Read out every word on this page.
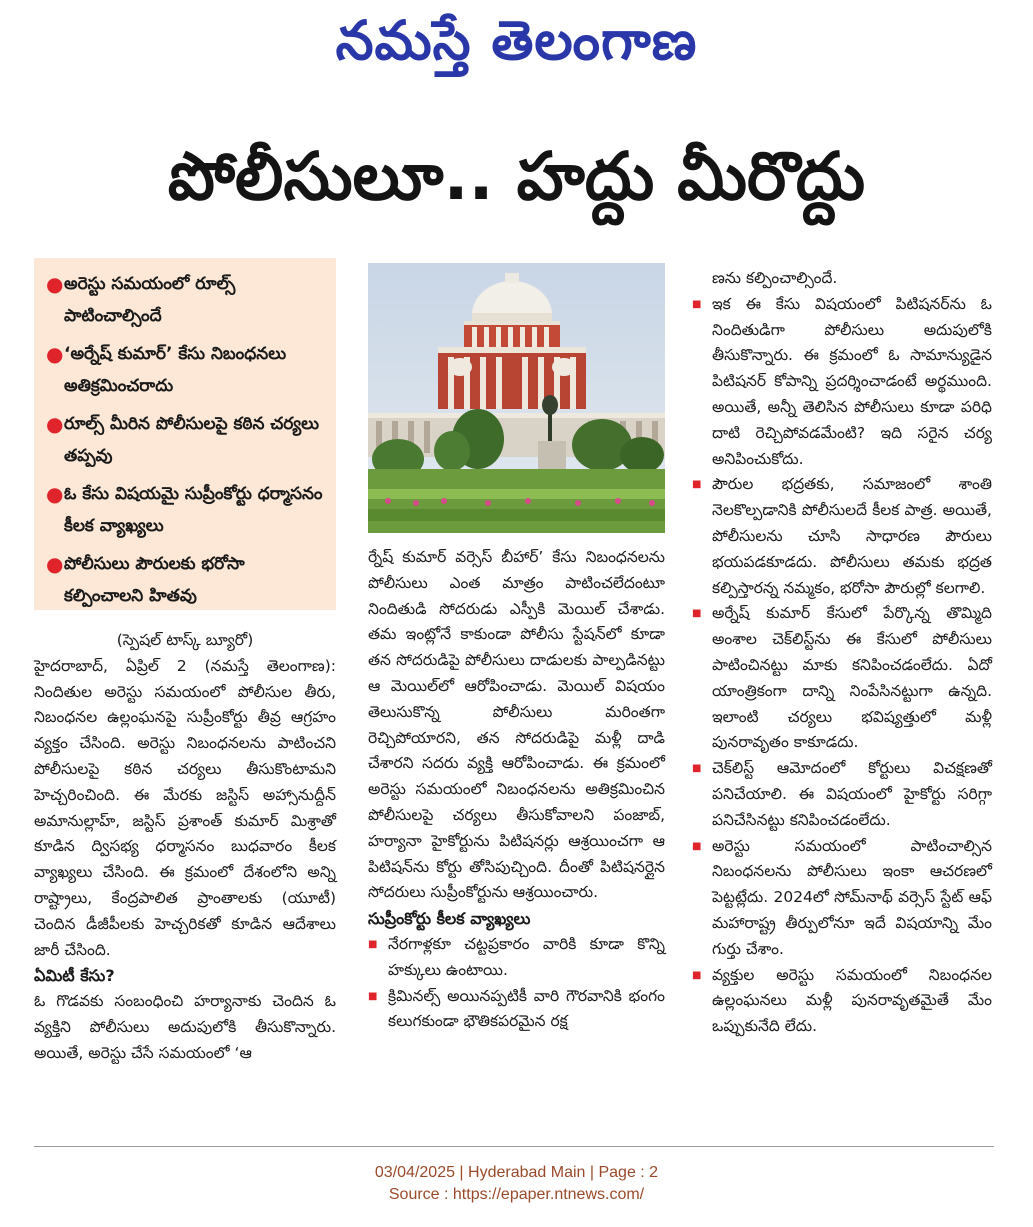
నమస్తే తెలంగాణ
పోలీసులూ.. హద్దు మీరొద్దు
● అరెస్టు సమయంలో రూల్స్ పాటించాల్సిందే
● ‘అర్నేష్ కుమార్’ కేసు నిబంధనలు అతిక్రమించరాదు
● రూల్స్ మీరిన పోలీసులపై కఠిన చర్యలు తప్పవు
● ఓ కేసు విషయమై సుప్రీంకోర్టు ధర్మాసనం కీలక వ్యాఖ్యలు
● పోలీసులు పౌరులకు భరోసా కల్పించాలని హితవు

(స్పెషల్ టాస్క్ బ్యూరో)

హైదరాబాద్, ఏప్రిల్ 2 (నమస్తే తెలంగాణ): నిందితుల అరెస్టు సమయంలో పోలీసుల తీరు, నిబంధనల ఉల్లంఘనపై సుప్రీంకోర్టు తీవ్ర ఆగ్రహం వ్యక్తం చేసింది. అరెస్టు నిబంధనలను పాటించని పోలీసులపై కఠిన చర్యలు తీసుకొంటామని హెచ్చరించింది. ఈ మేరకు జస్టిస్ అహ్సానుద్దీన్ అమానుల్లాహ్, జస్టిస్ ప్రశాంత్ కుమార్ మిశ్రాతో కూడిన ద్విసభ్య ధర్మాసనం బుధవారం కీలక వ్యాఖ్యలు చేసింది. ఈ క్రమంలో దేశంలోని అన్ని రాష్ట్రాలు, కేంద్రపాలిత ప్రాంతాలకు (యూటీ) చెందిన డీజీపీలకు హెచ్చరికతో కూడిన ఆదేశాలు జారీ చేసింది.

ఏమిటీ కేసు?

ఓ గొడవకు సంబంధించి హర్యానాకు చెందిన ఓ వ్యక్తిని పోలీసులు అదుపులోకి తీసుకొన్నారు. అయితే, అరెస్టు చేసే సమయంలో ‘ఆ

ర్నేష్ కుమార్ వర్సెస్ బీహార్’ కేసు నిబంధనలను పోలీసులు ఎంత మాత్రం పాటించలేదంటూ నిందితుడి సోదరుడు ఎస్పీకి మెయిల్ చేశాడు. తమ ఇంట్లోనే కాకుండా పోలీసు స్టేషన్‌లో కూడా తన సోదరుడిపై పోలీసులు దాడులకు పాల్పడినట్టు ఆ మెయిల్‌లో ఆరోపించాడు. మెయిల్ విషయం తెలుసుకొన్న పోలీసులు మరింతగా రెచ్చిపోయారని, తన సోదరుడిపై మళ్లీ దాడి చేశారని సదరు వ్యక్తి ఆరోపించాడు. ఈ క్రమంలో అరెస్టు సమయంలో నిబంధనలను అతిక్రమించిన పోలీసులపై చర్యలు తీసుకోవాలని పంజాబ్, హర్యానా హైకోర్టును పిటిషనర్లు ఆశ్రయించగా ఆ పిటిషన్‌ను కోర్టు తోసిపుచ్చింది. దీంతో పిటిషనర్లైన సోదరులు సుప్రీంకోర్టును ఆశ్రయించారు.

సుప్రీంకోర్టు కీలక వ్యాఖ్యలు

■ నేరగాళ్లకూ చట్టప్రకారం వారికి కూడా కొన్ని హక్కులు ఉంటాయి.
■ క్రిమినల్స్ అయినప్పటికీ వారి గౌరవానికి భంగం కలుగకుండా భౌతికపరమైన రక్ష

ణను కల్పించాల్సిందే.

■ ఇక ఈ కేసు విషయంలో పిటిషనర్‌ను ఓ నిందితుడిగా పోలీసులు అదుపులోకి తీసుకొన్నారు. ఈ క్రమంలో ఓ సామాన్యుడైన పిటిషనర్ కోపాన్ని ప్రదర్శించాడంటే అర్థముంది. అయితే, అన్నీ తెలిసిన పోలీసులు కూడా పరిధి దాటి రెచ్చిపోవడమేంటి? ఇది సరైన చర్య అనిపించుకోదు.
■ పౌరుల భద్రతకు, సమాజంలో శాంతి నెలకొల్పడానికి పోలీసులదే కీలక పాత్ర. అయితే, పోలీసులను చూసి సాధారణ పౌరులు భయపడకూడదు. పోలీసులు తమకు భద్రత కల్పిస్తారన్న నమ్మకం, భరోసా పౌరుల్లో కలగాలి.
■ అర్నేష్ కుమార్ కేసులో పేర్కొన్న తొమ్మిది అంశాల చెక్‌లిస్ట్‌ను ఈ కేసులో పోలీసులు పాటించినట్టు మాకు కనిపించడంలేదు. ఏదో యాంత్రికంగా దాన్ని నింపేసినట్టుగా ఉన్నది. ఇలాంటి చర్యలు భవిష్యత్తులో మళ్లీ పునరావృతం కాకూడదు.
■ చెక్‌లిస్ట్ ఆమోదంలో కోర్టులు విచక్షణతో పనిచేయాలి. ఈ విషయంలో హైకోర్టు సరిగ్గా పనిచేసినట్టు కనిపించడంలేదు.
■ అరెస్టు సమయంలో పాటించాల్సిన నిబంధనలను పోలీసులు ఇంకా ఆచరణలో పెట్టట్లేదు. 2024లో సోమ్‌నాథ్ వర్సెస్ స్టేట్ ఆఫ్ మహారాష్ట్ర తీర్పులోనూ ఇదే విషయాన్ని మేం గుర్తు చేశాం.
■ వ్యక్తుల అరెస్టు సమయంలో నిబంధనల ఉల్లంఘనలు మళ్లీ పునరావృతమైతే మేం ఒప్పుకునేది లేదు.
03/04/2025 | Hyderabad Main | Page : 2
Source : https://epaper.ntnews.com/
